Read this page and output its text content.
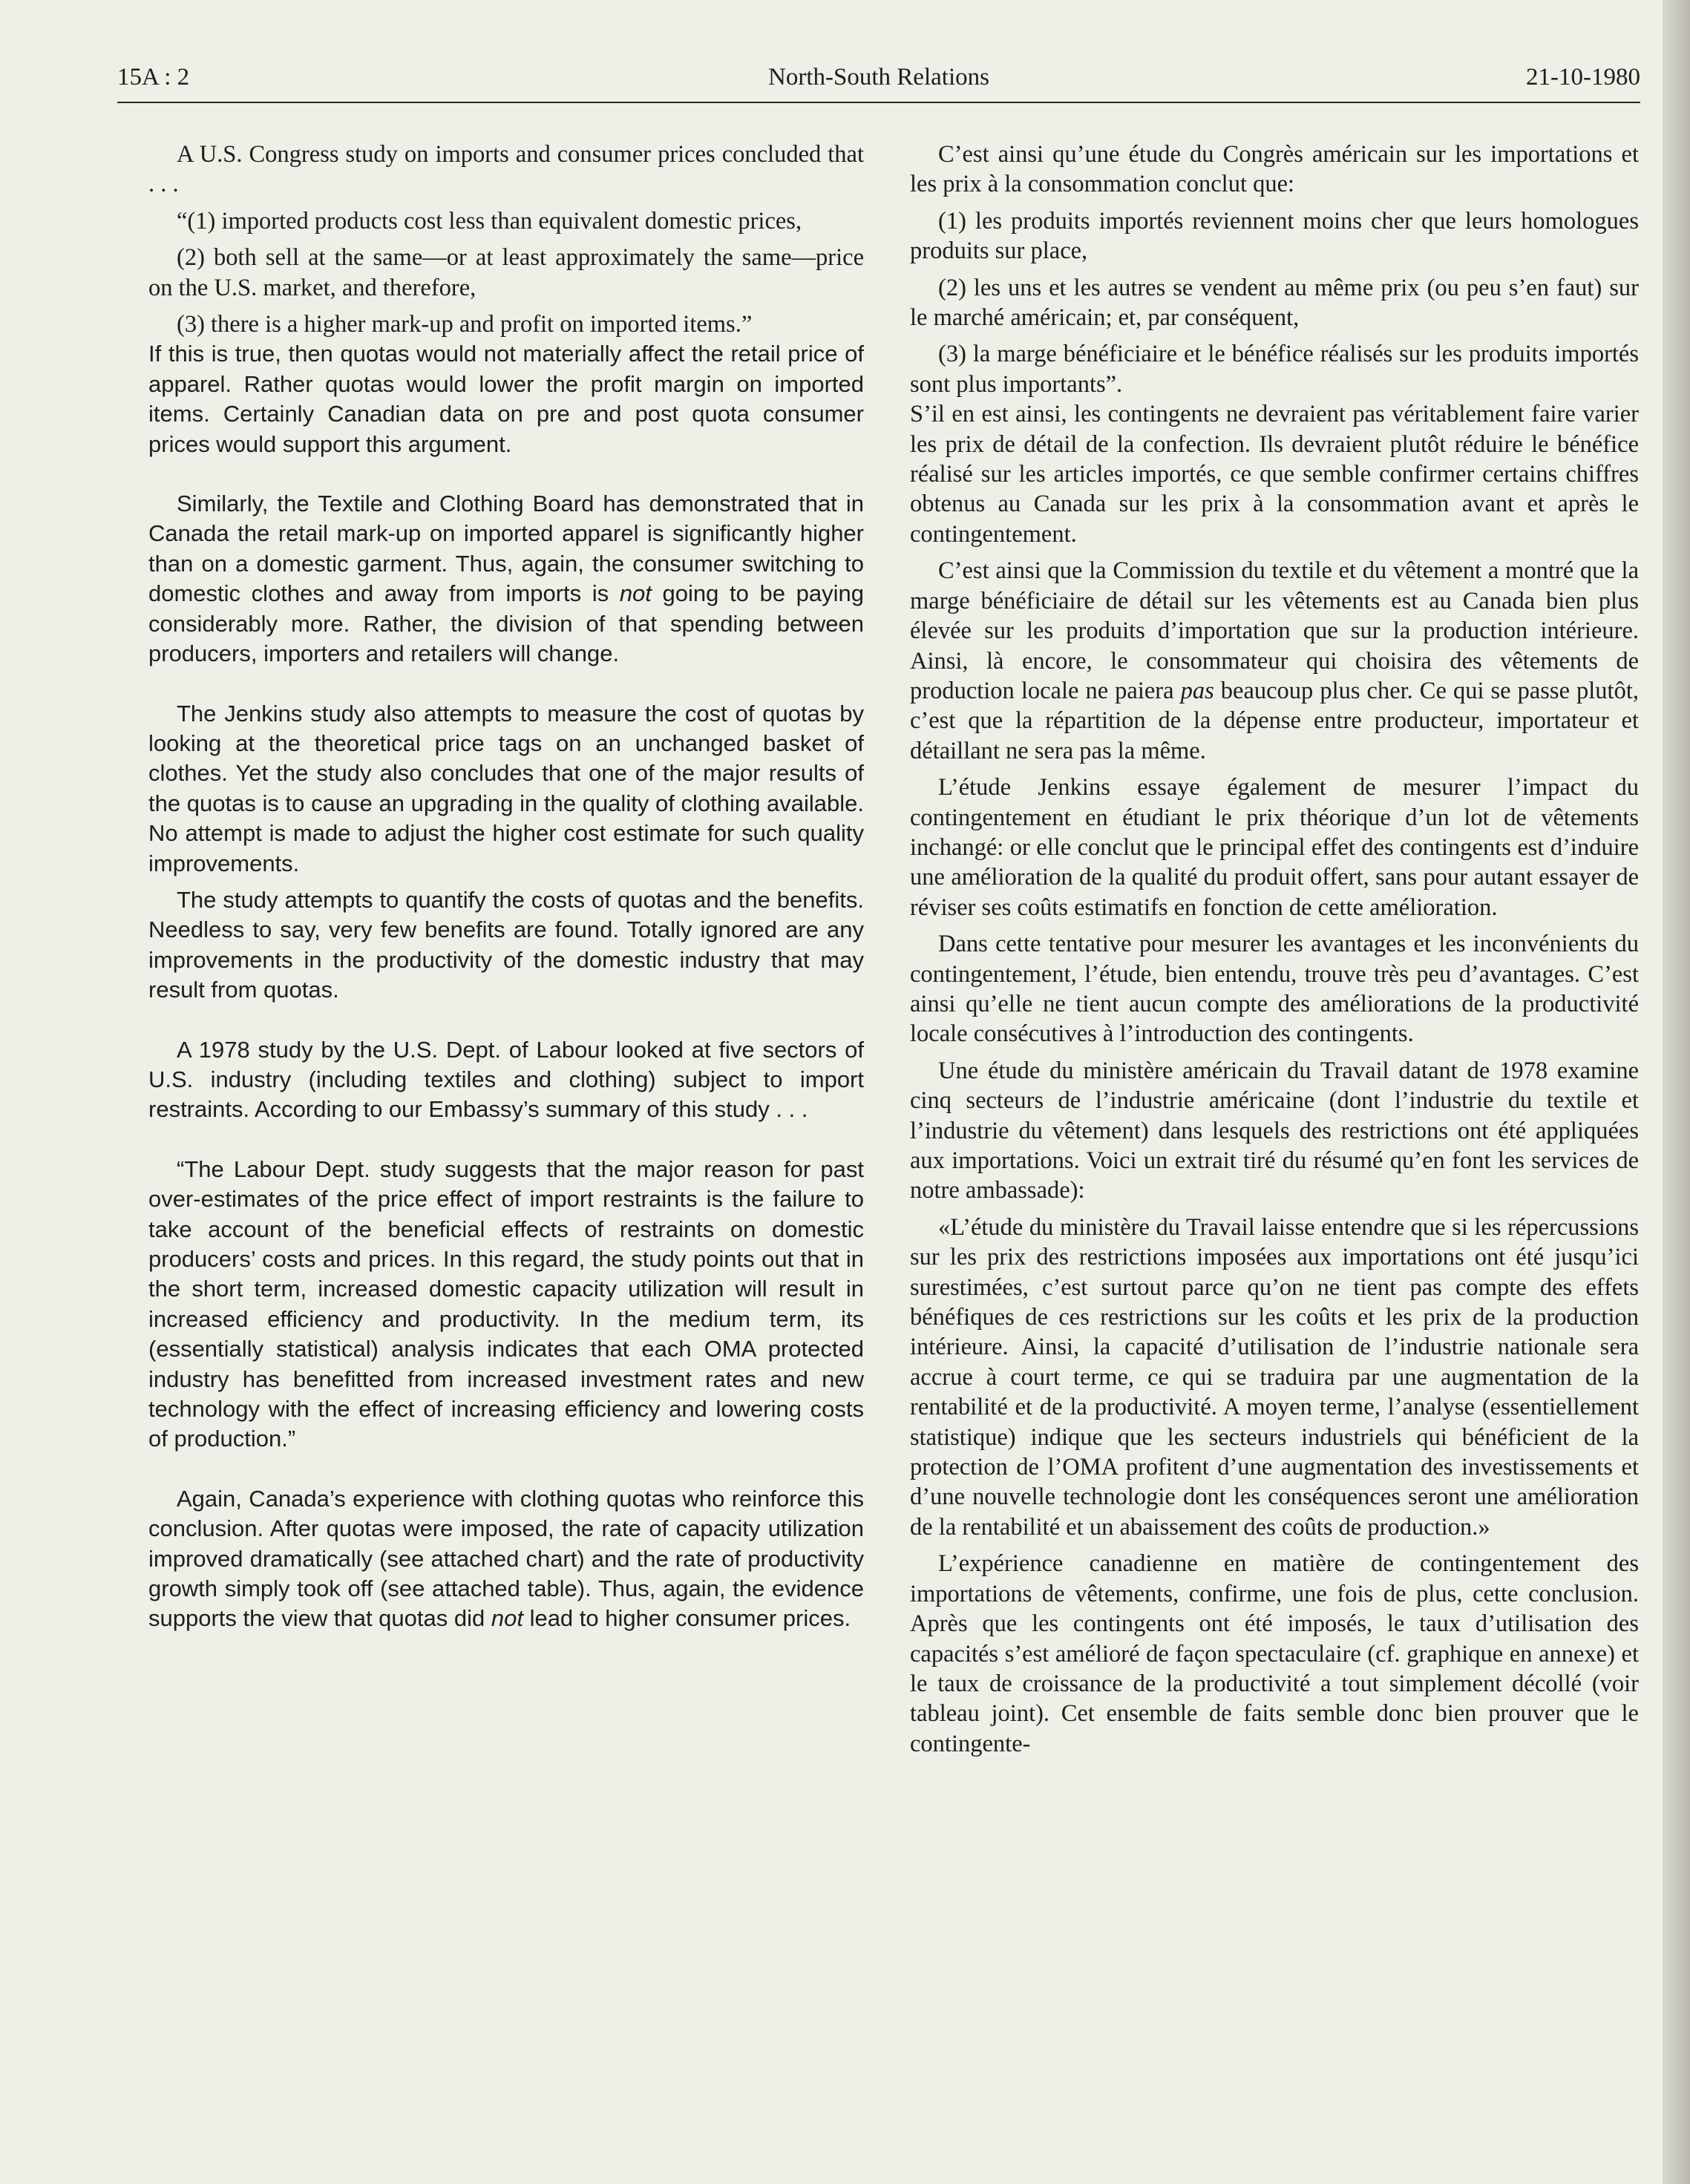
15A : 2	North-South Relations	21-10-1980

A U.S. Congress study on imports and consumer prices concluded that . . .

“(1) imported products cost less than equivalent domestic prices,

(2) both sell at the same—or at least approximately the same—price on the U.S. market, and therefore,

(3) there is a higher mark-up and profit on imported items.”

If this is true, then quotas would not materially affect the retail price of apparel. Rather quotas would lower the profit margin on imported items. Certainly Canadian data on pre and post quota consumer prices would support this argument.

Similarly, the Textile and Clothing Board has demonstrated that in Canada the retail mark-up on imported apparel is significantly higher than on a domestic garment. Thus, again, the consumer switching to domestic clothes and away from imports is not going to be paying considerably more. Rather, the division of that spending between producers, importers and retailers will change.

The Jenkins study also attempts to measure the cost of quotas by looking at the theoretical price tags on an unchanged basket of clothes. Yet the study also concludes that one of the major results of the quotas is to cause an upgrading in the quality of clothing available. No attempt is made to adjust the higher cost estimate for such quality improvements.

The study attempts to quantify the costs of quotas and the benefits. Needless to say, very few benefits are found. Totally ignored are any improvements in the productivity of the domestic industry that may result from quotas.

A 1978 study by the U.S. Dept. of Labour looked at five sectors of U.S. industry (including textiles and clothing) subject to import restraints. According to our Embassy’s summary of this study . . .

“The Labour Dept. study suggests that the major reason for past over-estimates of the price effect of import restraints is the failure to take account of the beneficial effects of restraints on domestic producers’ costs and prices. In this regard, the study points out that in the short term, increased domestic capacity utilization will result in increased efficiency and productivity. In the medium term, its (essentially statistical) analysis indicates that each OMA protected industry has benefitted from increased investment rates and new technology with the effect of increasing efficiency and lowering costs of production.”

Again, Canada’s experience with clothing quotas who reinforce this conclusion. After quotas were imposed, the rate of capacity utilization improved dramatically (see attached chart) and the rate of productivity growth simply took off (see attached table). Thus, again, the evidence supports the view that quotas did not lead to higher consumer prices.

C’est ainsi qu’une étude du Congrès américain sur les importations et les prix à la consommation conclut que:

(1) les produits importés reviennent moins cher que leurs homologues produits sur place,

(2) les uns et les autres se vendent au même prix (ou peu s’en faut) sur le marché américain; et, par conséquent,

(3) la marge bénéficiaire et le bénéfice réalisés sur les produits importés sont plus importants”.

S’il en est ainsi, les contingents ne devraient pas véritablement faire varier les prix de détail de la confection. Ils devraient plutôt réduire le bénéfice réalisé sur les articles importés, ce que semble confirmer certains chiffres obtenus au Canada sur les prix à la consommation avant et après le contingentement.

C’est ainsi que la Commission du textile et du vêtement a montré que la marge bénéficiaire de détail sur les vêtements est au Canada bien plus élevée sur les produits d’importation que sur la production intérieure. Ainsi, là encore, le consommateur qui choisira des vêtements de production locale ne paiera pas beaucoup plus cher. Ce qui se passe plutôt, c’est que la répartition de la dépense entre producteur, importateur et détaillant ne sera pas la même.

L’étude Jenkins essaye également de mesurer l’impact du contingentement en étudiant le prix théorique d’un lot de vêtements inchangé: or elle conclut que le principal effet des contingents est d’induire une amélioration de la qualité du produit offert, sans pour autant essayer de réviser ses coûts estimatifs en fonction de cette amélioration.

Dans cette tentative pour mesurer les avantages et les inconvénients du contingentement, l’étude, bien entendu, trouve très peu d’avantages. C’est ainsi qu’elle ne tient aucun compte des améliorations de la productivité locale consécutives à l’introduction des contingents.

Une étude du ministère américain du Travail datant de 1978 examine cinq secteurs de l’industrie américaine (dont l’industrie du textile et l’industrie du vêtement) dans lesquels des restrictions ont été appliquées aux importations. Voici un extrait tiré du résumé qu’en font les services de notre ambassade):

«L’étude du ministère du Travail laisse entendre que si les répercussions sur les prix des restrictions imposées aux importations ont été jusqu’ici surestimées, c’est surtout parce qu’on ne tient pas compte des effets bénéfiques de ces restrictions sur les coûts et les prix de la production intérieure. Ainsi, la capacité d’utilisation de l’industrie nationale sera accrue à court terme, ce qui se traduira par une augmentation de la rentabilité et de la productivité. A moyen terme, l’analyse (essentiellement statistique) indique que les secteurs industriels qui bénéficient de la protection de l’OMA profitent d’une augmentation des investissements et d’une nouvelle technologie dont les conséquences seront une amélioration de la rentabilité et un abaissement des coûts de production.»

L’expérience canadienne en matière de contingentement des importations de vêtements, confirme, une fois de plus, cette conclusion. Après que les contingents ont été imposés, le taux d’utilisation des capacités s’est amélioré de façon spectaculaire (cf. graphique en annexe) et le taux de croissance de la productivité a tout simplement décollé (voir tableau joint). Cet ensemble de faits semble donc bien prouver que le contingente-
